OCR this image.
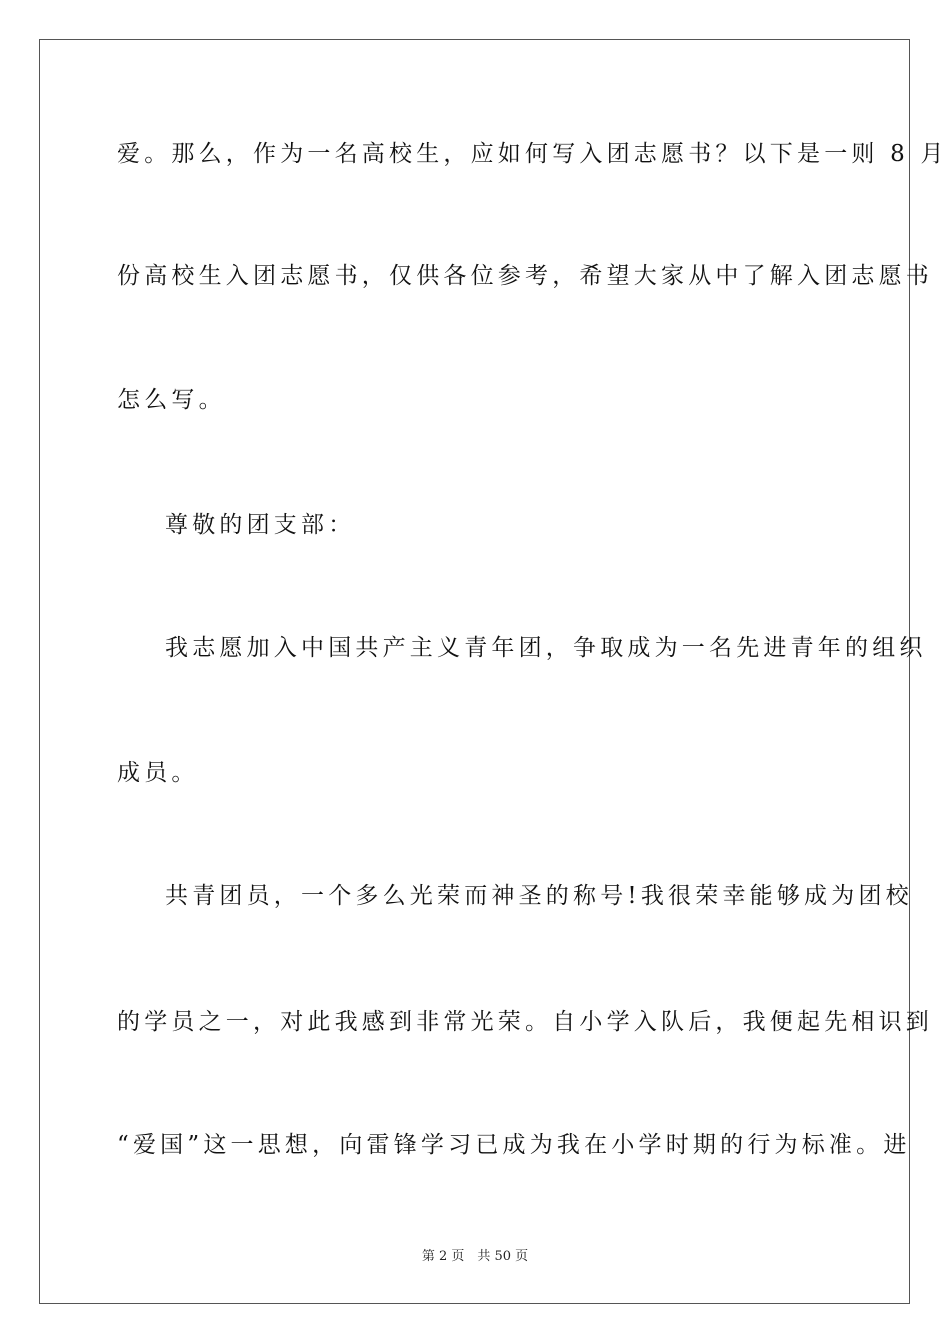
爱。那么，作为一名高校生，应如何写入团志愿书？以下是一则 8 月
份高校生入团志愿书，仅供各位参考，希望大家从中了解入团志愿书
怎么写。
尊敬的团支部：
我志愿加入中国共产主义青年团，争取成为一名先进青年的组织
成员。
共青团员，一个多么光荣而神圣的称号!我很荣幸能够成为团校
的学员之一，对此我感到非常光荣。自小学入队后，我便起先相识到
“爱国”这一思想，向雷锋学习已成为我在小学时期的行为标准。进
第 2 页　共 50 页
